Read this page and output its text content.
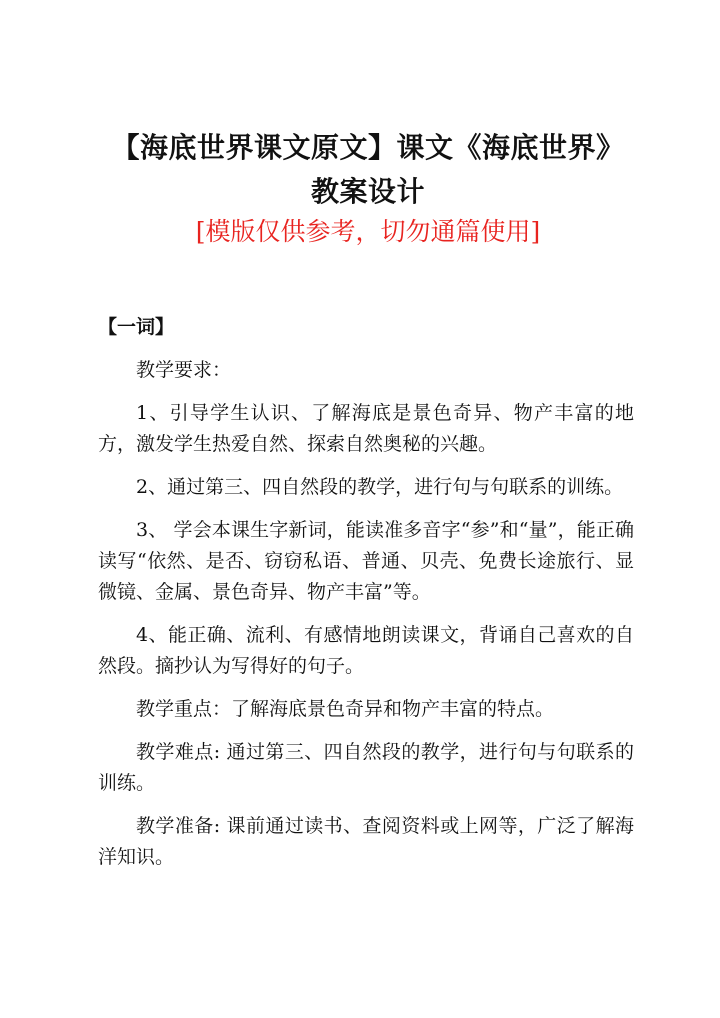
【海底世界课文原文】课文《海底世界》教案设计
[模版仅供参考，切勿通篇使用]
【一词】

教学要求：

1、引导学生认识、了解海底是景色奇异、物产丰富的地方，激发学生热爱自然、探索自然奥秘的兴趣。

2、通过第三、四自然段的教学，进行句与句联系的训练。

3、 学会本课生字新词，能读准多音字“参”和“量”，能正确读写“依然、是否、窃窃私语、普通、贝壳、免费长途旅行、显微镜、金属、景色奇异、物产丰富”等。

4、能正确、流利、有感情地朗读课文，背诵自己喜欢的自然段。摘抄认为写得好的句子。

教学重点：了解海底景色奇异和物产丰富的特点。

教学难点: 通过第三、四自然段的教学，进行句与句联系的训练。

教学准备: 课前通过读书、查阅资料或上网等，广泛了解海洋知识。
